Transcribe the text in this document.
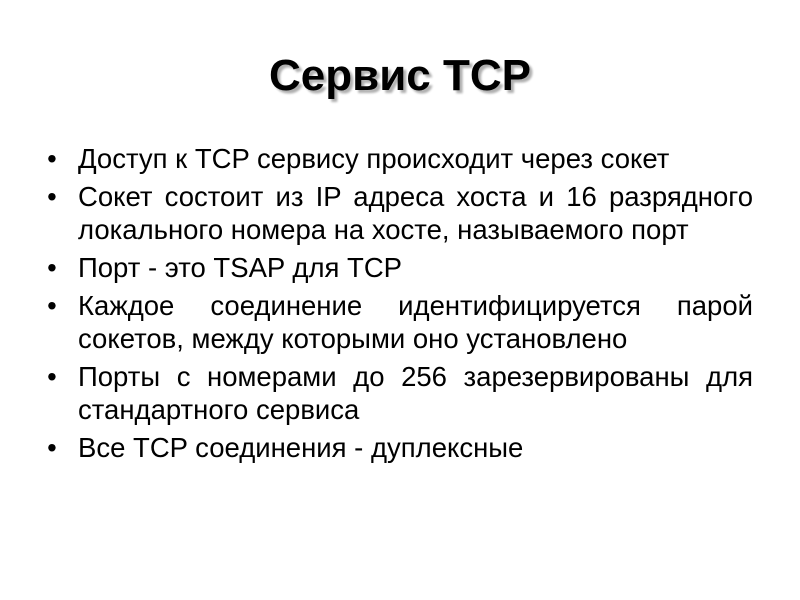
Сервис TCP
• Доступ к TCP сервису происходит через сокет
• Сокет состоит из IP адреса хоста и 16 разрядного локального номера на хосте, называемого порт
• Порт - это TSAP для TCP
• Каждое соединение идентифицируется парой сокетов, между которыми оно установлено
• Порты с номерами до 256 зарезервированы для стандартного сервиса
• Все TCP соединения - дуплексные
